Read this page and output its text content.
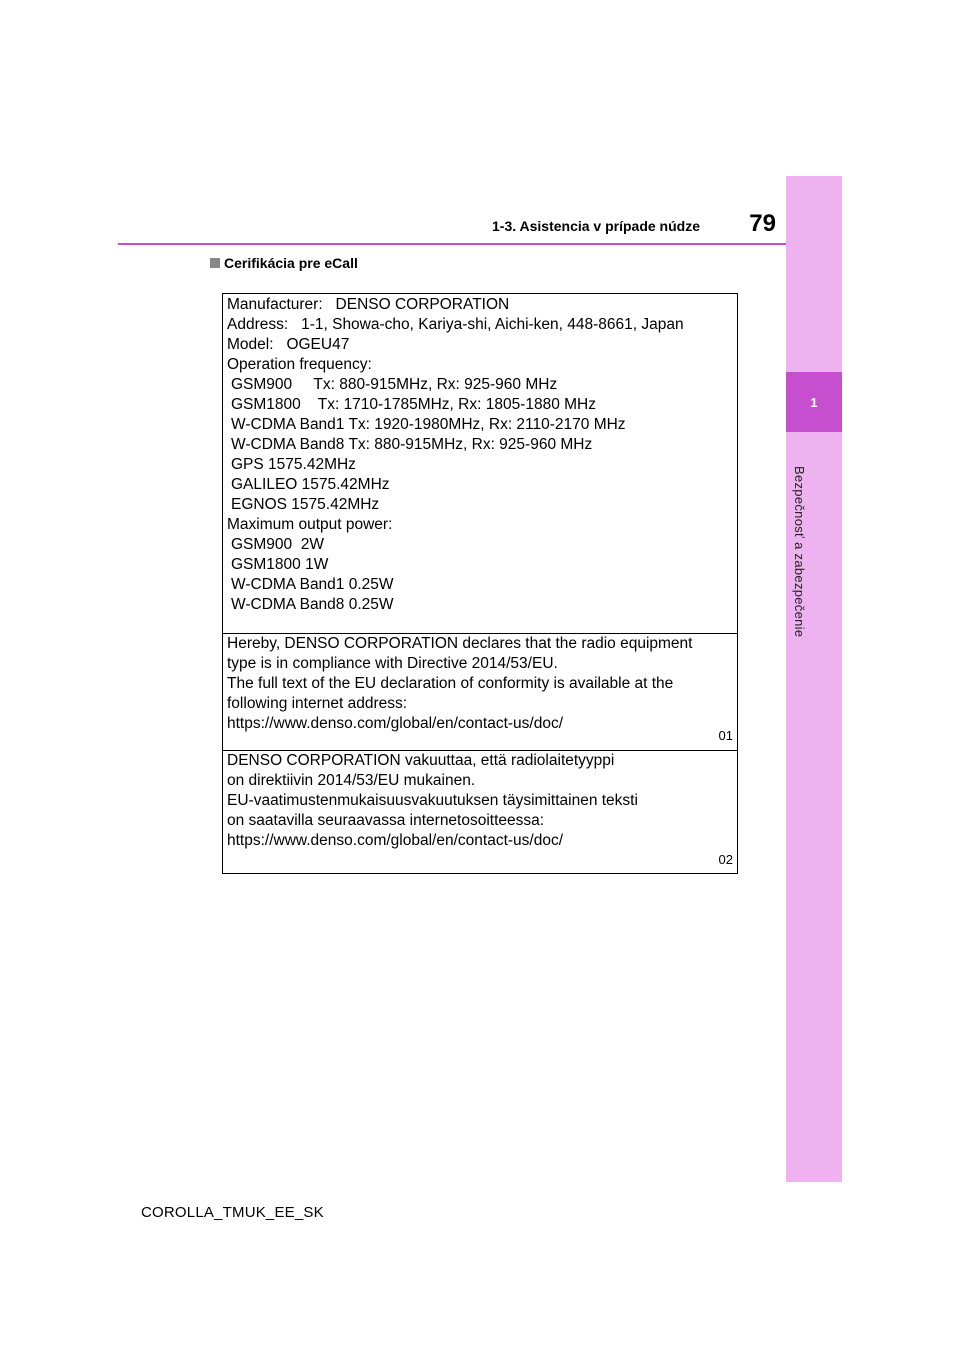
1
Bezpečnosť a zabezpečenie
1-3. Asistencia v prípade núdze	79
Cerifikácia pre eCall
Manufacturer:   DENSO CORPORATION
Address:   1-1, Showa-cho, Kariya-shi, Aichi-ken, 448-8661, Japan
Model:   OGEU47
Operation frequency:
GSM900     Tx: 880-915MHz, Rx: 925-960 MHz
GSM1800    Tx: 1710-1785MHz, Rx: 1805-1880 MHz
W-CDMA Band1 Tx: 1920-1980MHz, Rx: 2110-2170 MHz
W-CDMA Band8 Tx: 880-915MHz, Rx: 925-960 MHz
GPS 1575.42MHz
GALILEO 1575.42MHz
EGNOS 1575.42MHz
Maximum output power:
GSM900  2W
GSM1800 1W
W-CDMA Band1 0.25W
W-CDMA Band8 0.25W
Hereby, DENSO CORPORATION declares that the radio equipment
type is in compliance with Directive 2014/53/EU.
The full text of the EU declaration of conformity is available at the
following internet address:
https://www.denso.com/global/en/contact-us/doc/
01
DENSO CORPORATION vakuuttaa, että radiolaitetyyppi
on direktiivin 2014/53/EU mukainen.
EU-vaatimustenmukaisuusvakuutuksen täysimittainen teksti
on saatavilla seuraavassa internetosoitteessa:
https://www.denso.com/global/en/contact-us/doc/
02
COROLLA_TMUK_EE_SK
